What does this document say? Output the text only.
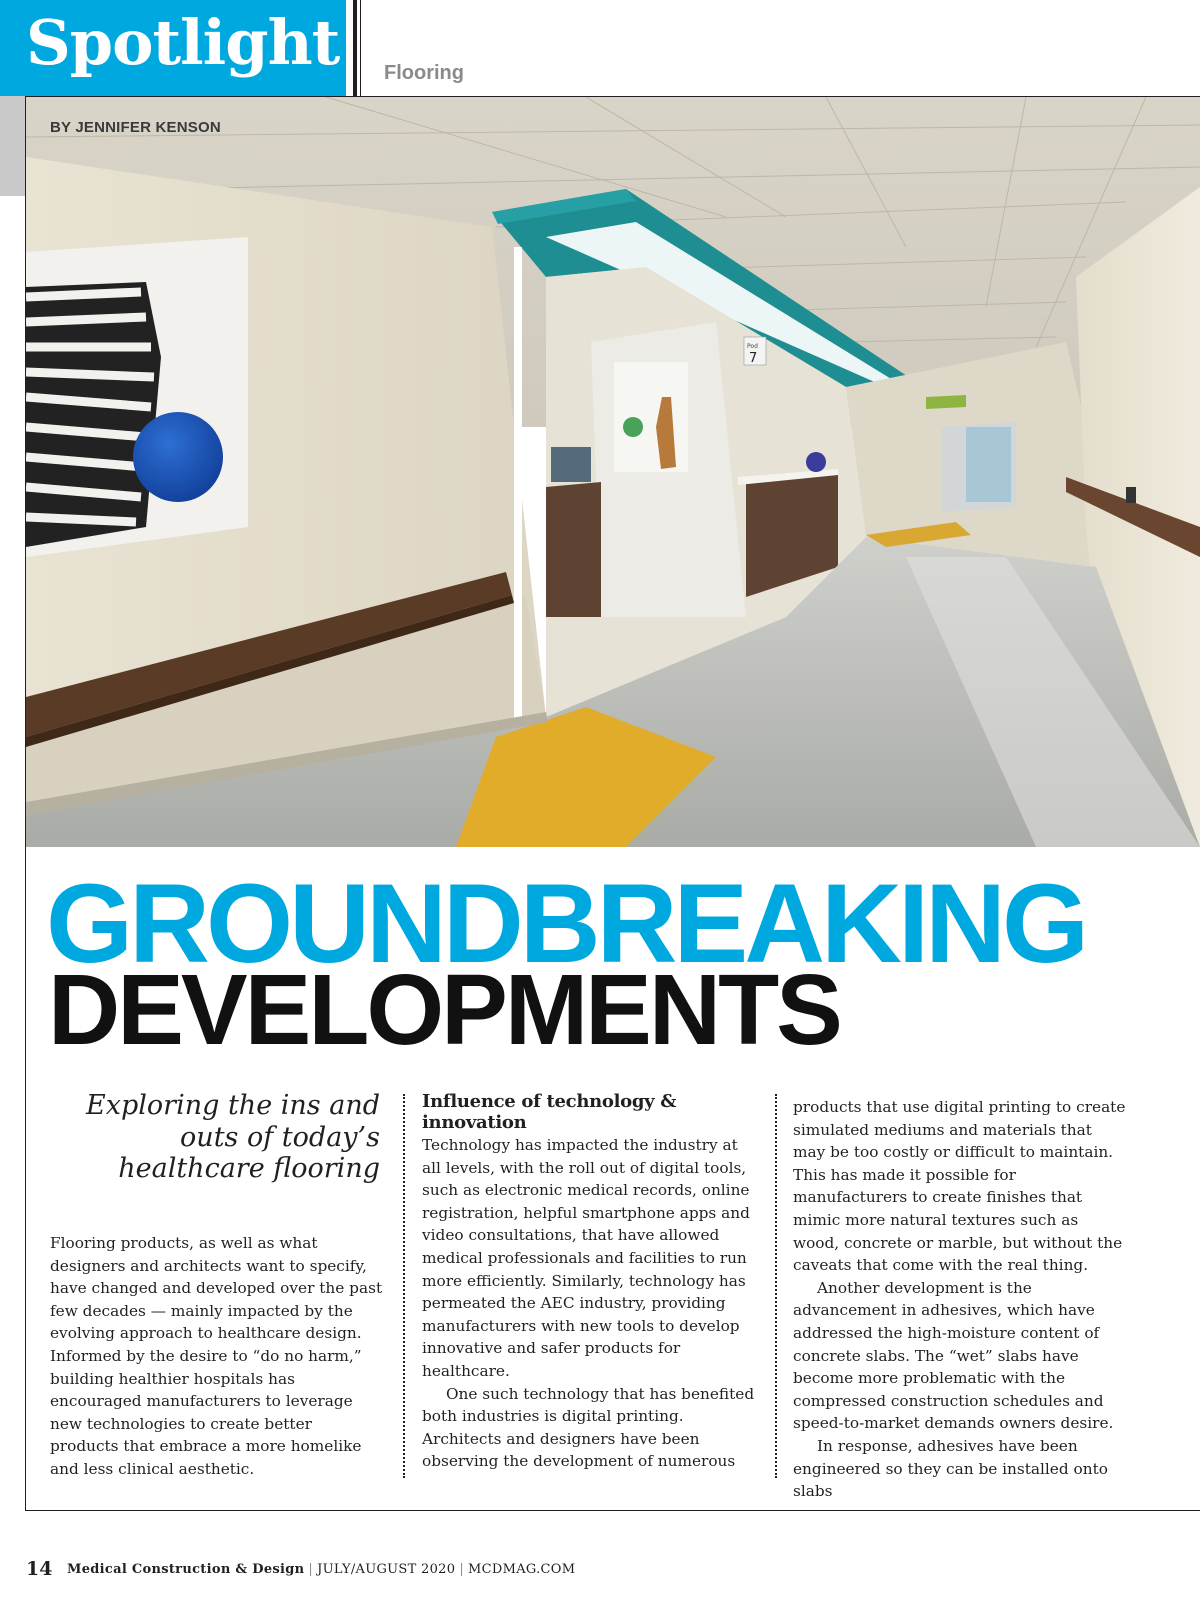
Spotlight Flooring
Pod
7
BY JENNIFER KENSON
GROUNDBREAKING
DEVELOPMENTS
Exploring the ins and outs of today’s healthcare flooring

Flooring products, as well as what designers and architects want to specify, have changed and developed over the past few decades — mainly impacted by the evolving approach to healthcare design. Informed by the desire to “do no harm,” building healthier hospitals has encouraged manufacturers to leverage new technologies to create better products that embrace a more homelike and less clinical aesthetic.

Influence of technology & innovation

Technology has impacted the industry at all levels, with the roll out of digital tools, such as electronic medical records, online registration, helpful smartphone apps and video consultations, that have allowed medical professionals and facilities to run more efficiently. Similarly, technology has permeated the AEC industry, providing manufacturers with new tools to develop innovative and safer products for healthcare.

One such technology that has benefited both industries is digital printing. Architects and designers have been observing the development of numerous

products that use digital printing to create simulated mediums and materials that may be too costly or difficult to maintain. This has made it possible for manufacturers to create finishes that mimic more natural textures such as wood, concrete or marble, but without the caveats that come with the real thing.

Another development is the advancement in adhesives, which have addressed the high-moisture content of concrete slabs. The “wet” slabs have become more problematic with the compressed construction schedules and speed-to-market demands owners desire.

In response, adhesives have been engineered so they can be installed onto slabs

14 Medical Construction & Design | JULY/AUGUST 2020 | MCDMAG.COM
